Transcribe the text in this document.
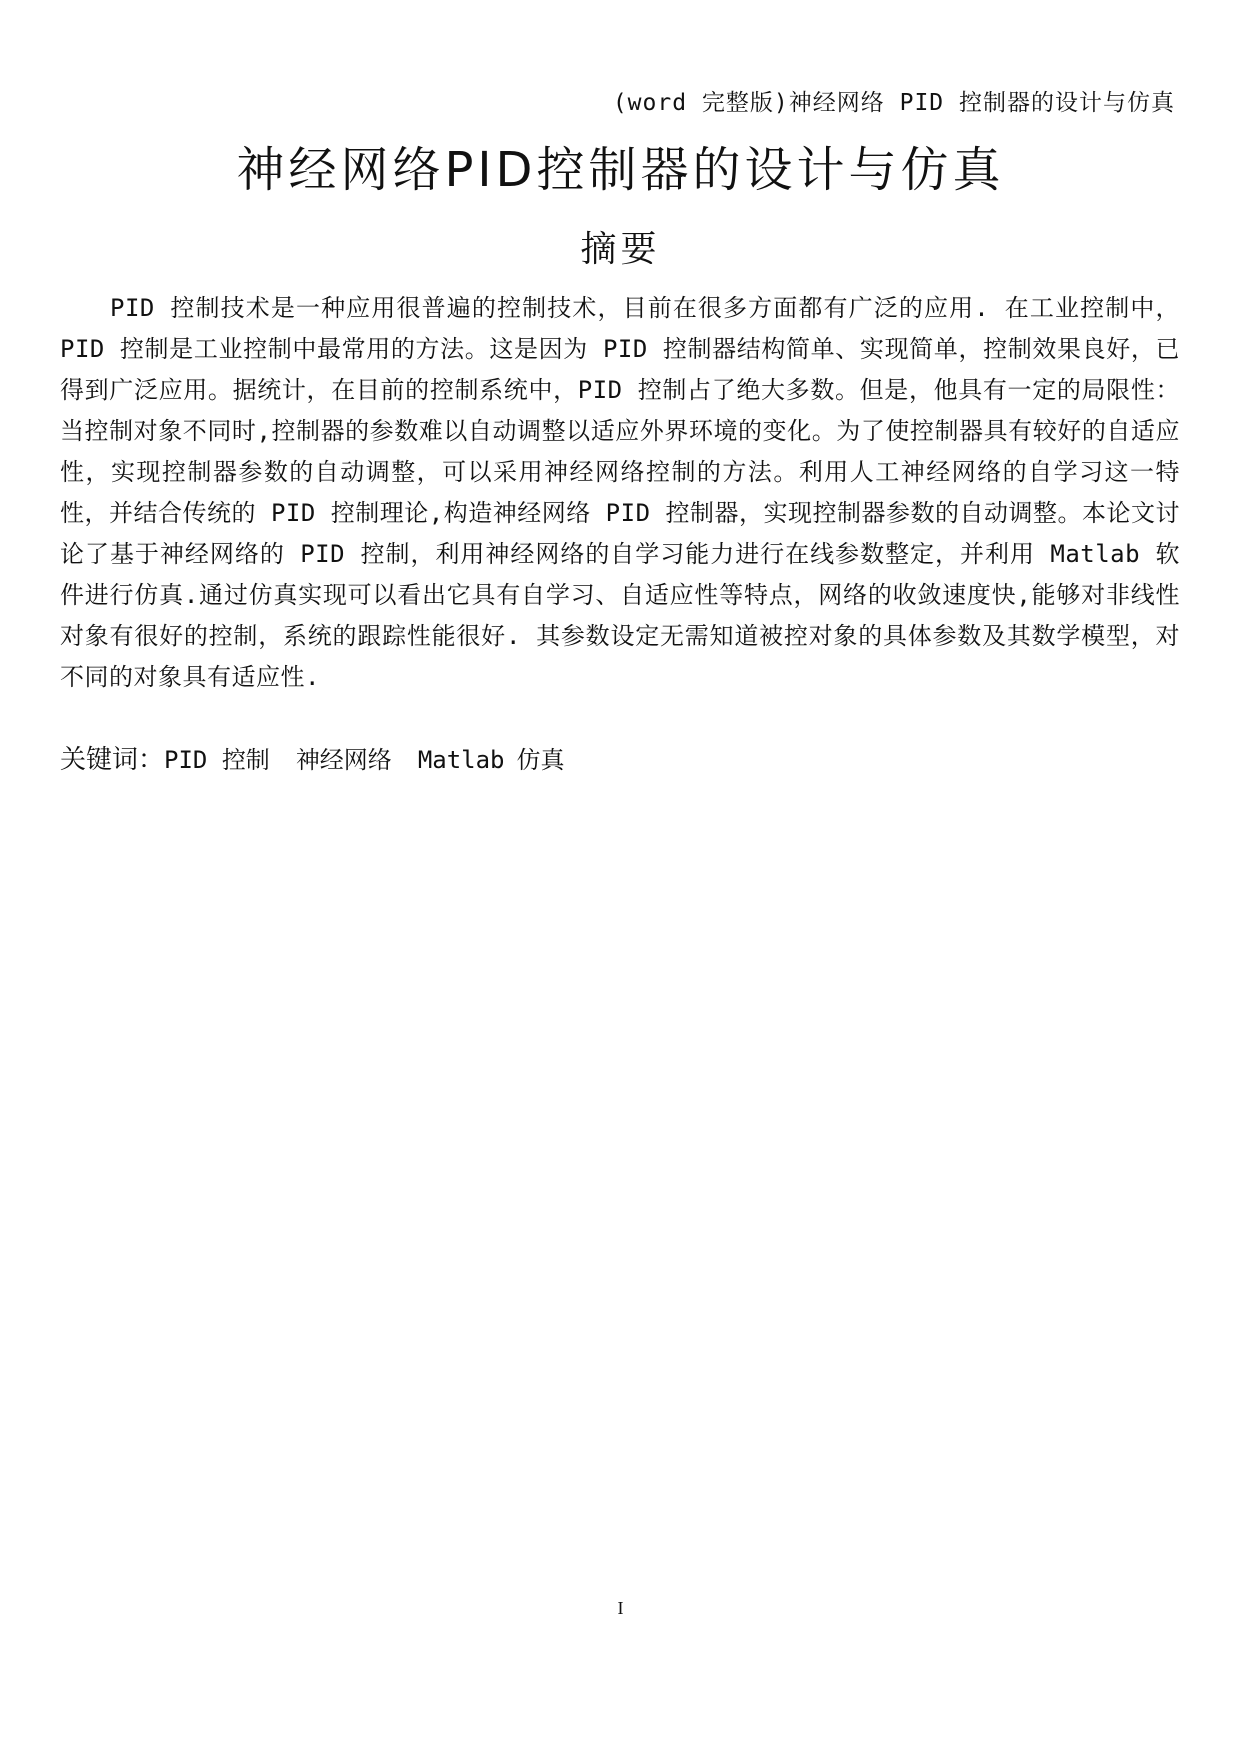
(word 完整版)神经网络 PID 控制器的设计与仿真
神经网络PID控制器的设计与仿真
摘要

PID 控制技术是一种应用很普遍的控制技术，目前在很多方面都有广泛的应用. 在工业控制中，PID 控制是工业控制中最常用的方法。这是因为 PID 控制器结构简单、实现简单，控制效果良好，已得到广泛应用。据统计，在目前的控制系统中，PID 控制占了绝大多数。但是，他具有一定的局限性：当控制对象不同时,控制器的参数难以自动调整以适应外界环境的变化。为了使控制器具有较好的自适应性，实现控制器参数的自动调整，可以采用神经网络控制的方法。利用人工神经网络的自学习这一特性，并结合传统的 PID 控制理论,构造神经网络 PID 控制器，实现控制器参数的自动调整。本论文讨论了基于神经网络的 PID 控制，利用神经网络的自学习能力进行在线参数整定，并利用 Matlab 软件进行仿真.通过仿真实现可以看出它具有自学习、自适应性等特点，网络的收敛速度快,能够对非线性对象有很好的控制，系统的跟踪性能很好. 其参数设定无需知道被控对象的具体参数及其数学模型，对不同的对象具有适应性.

关键词：PID 控制 神经网络 Matlab 仿真
I
